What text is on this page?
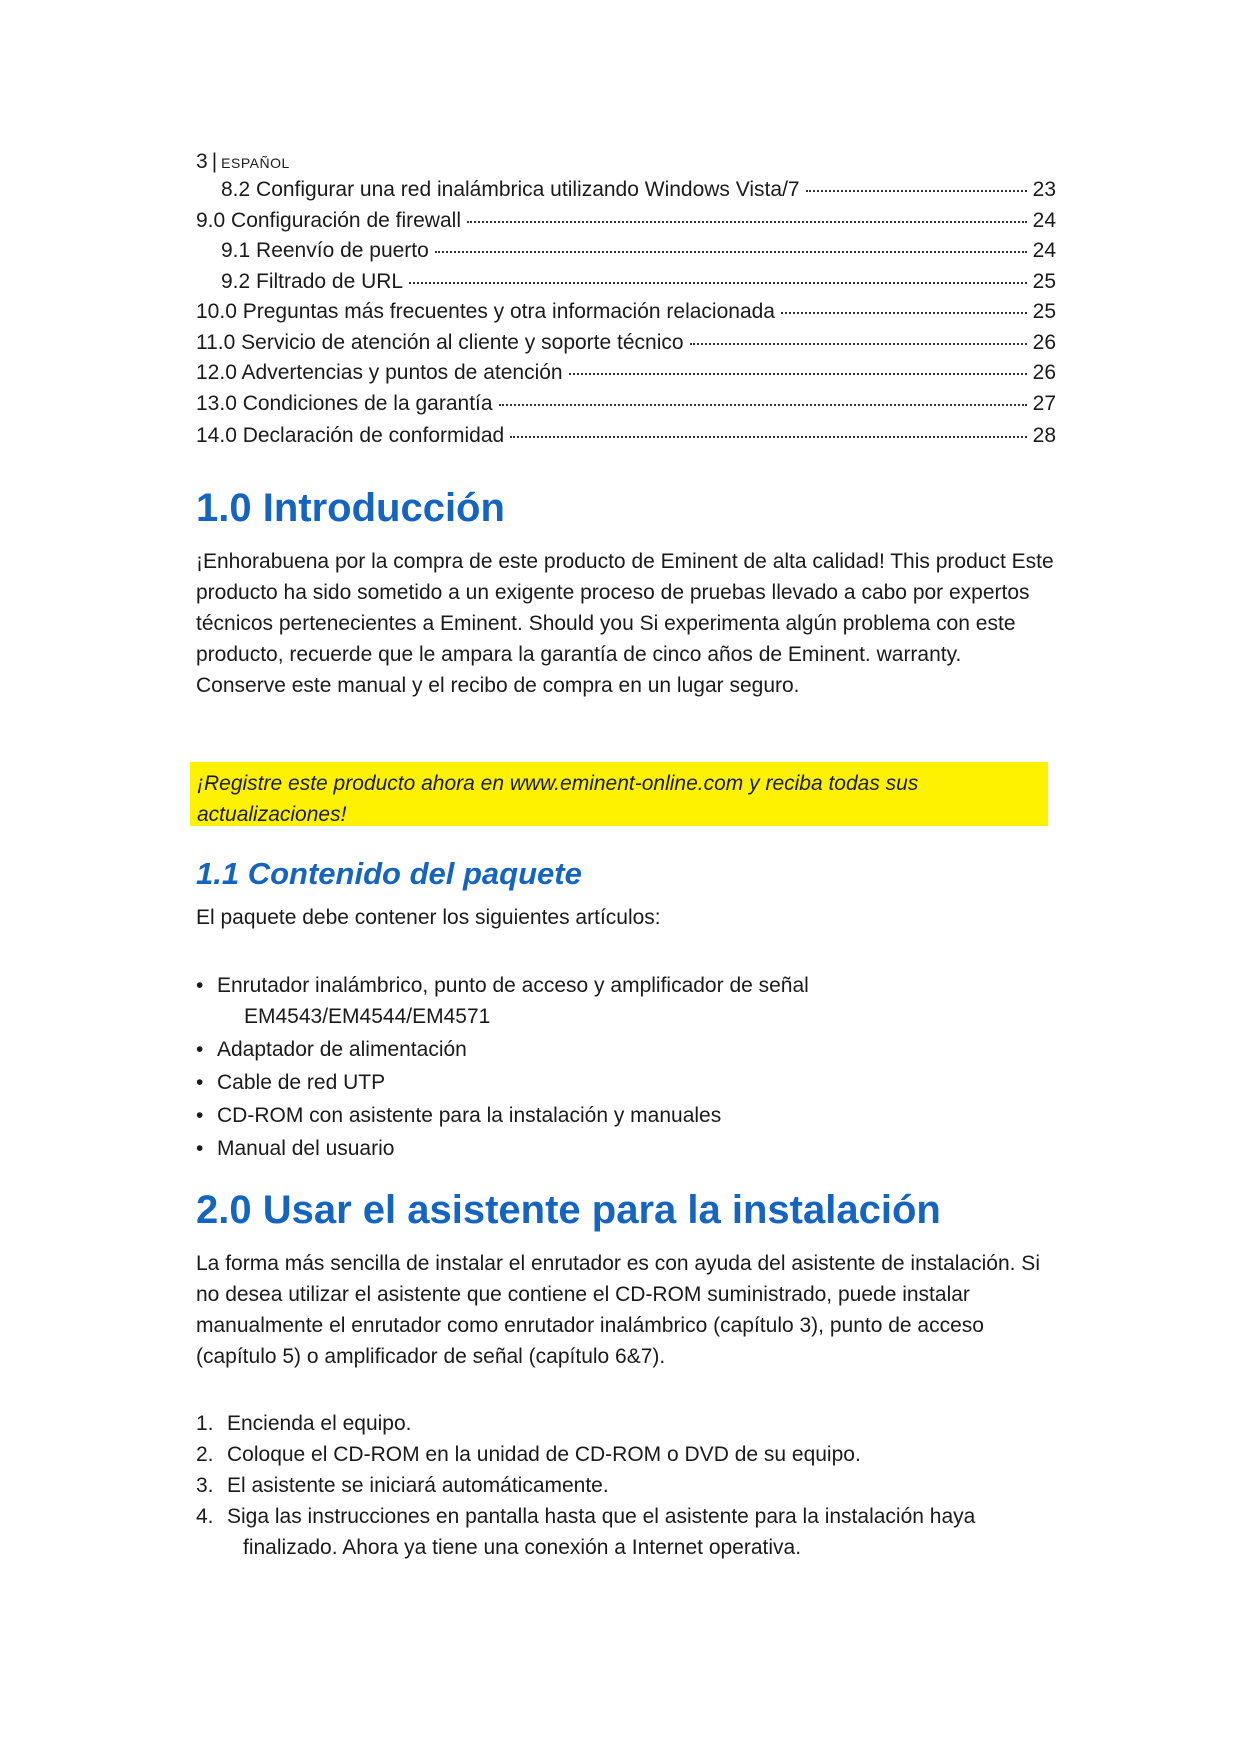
3 | ESPAÑOL
8.2 Configurar una red inalámbrica utilizando Windows Vista/7	23
9.0 Configuración de firewall	24
9.1 Reenvío de puerto	24
9.2 Filtrado de URL	25
10.0 Preguntas más frecuentes y otra información relacionada	25
11.0 Servicio de atención al cliente y soporte técnico	26
12.0 Advertencias y puntos de atención	26
13.0 Condiciones de la garantía	27
14.0 Declaración de conformidad	28
1.0 Introducción

¡Enhorabuena por la compra de este producto de Eminent de alta calidad! This product Este producto ha sido sometido a un exigente proceso de pruebas llevado a cabo por expertos técnicos pertenecientes a Eminent. Should you Si experimenta algún problema con este producto, recuerde que le ampara la garantía de cinco años de Eminent. warranty. Conserve este manual y el recibo de compra en un lugar seguro.

¡Registre este producto ahora en www.eminent-online.com y reciba todas sus actualizaciones!
1.1 Contenido del paquete

El paquete debe contener los siguientes artículos:

• Enrutador inalámbrico, punto de acceso y amplificador de señal
EM4543/EM4544/EM4571
• Adaptador de alimentación
• Cable de red UTP
• CD-ROM con asistente para la instalación y manuales
• Manual del usuario
2.0 Usar el asistente para la instalación

La forma más sencilla de instalar el enrutador es con ayuda del asistente de instalación. Si no desea utilizar el asistente que contiene el CD-ROM suministrado, puede instalar manualmente el enrutador como enrutador inalámbrico (capítulo 3), punto de acceso (capítulo 5) o amplificador de señal (capítulo 6&7).

1. Encienda el equipo.
2. Coloque el CD-ROM en la unidad de CD-ROM o DVD de su equipo.
3. El asistente se iniciará automáticamente.
4. Siga las instrucciones en pantalla hasta que el asistente para la instalación haya
finalizado. Ahora ya tiene una conexión a Internet operativa.
